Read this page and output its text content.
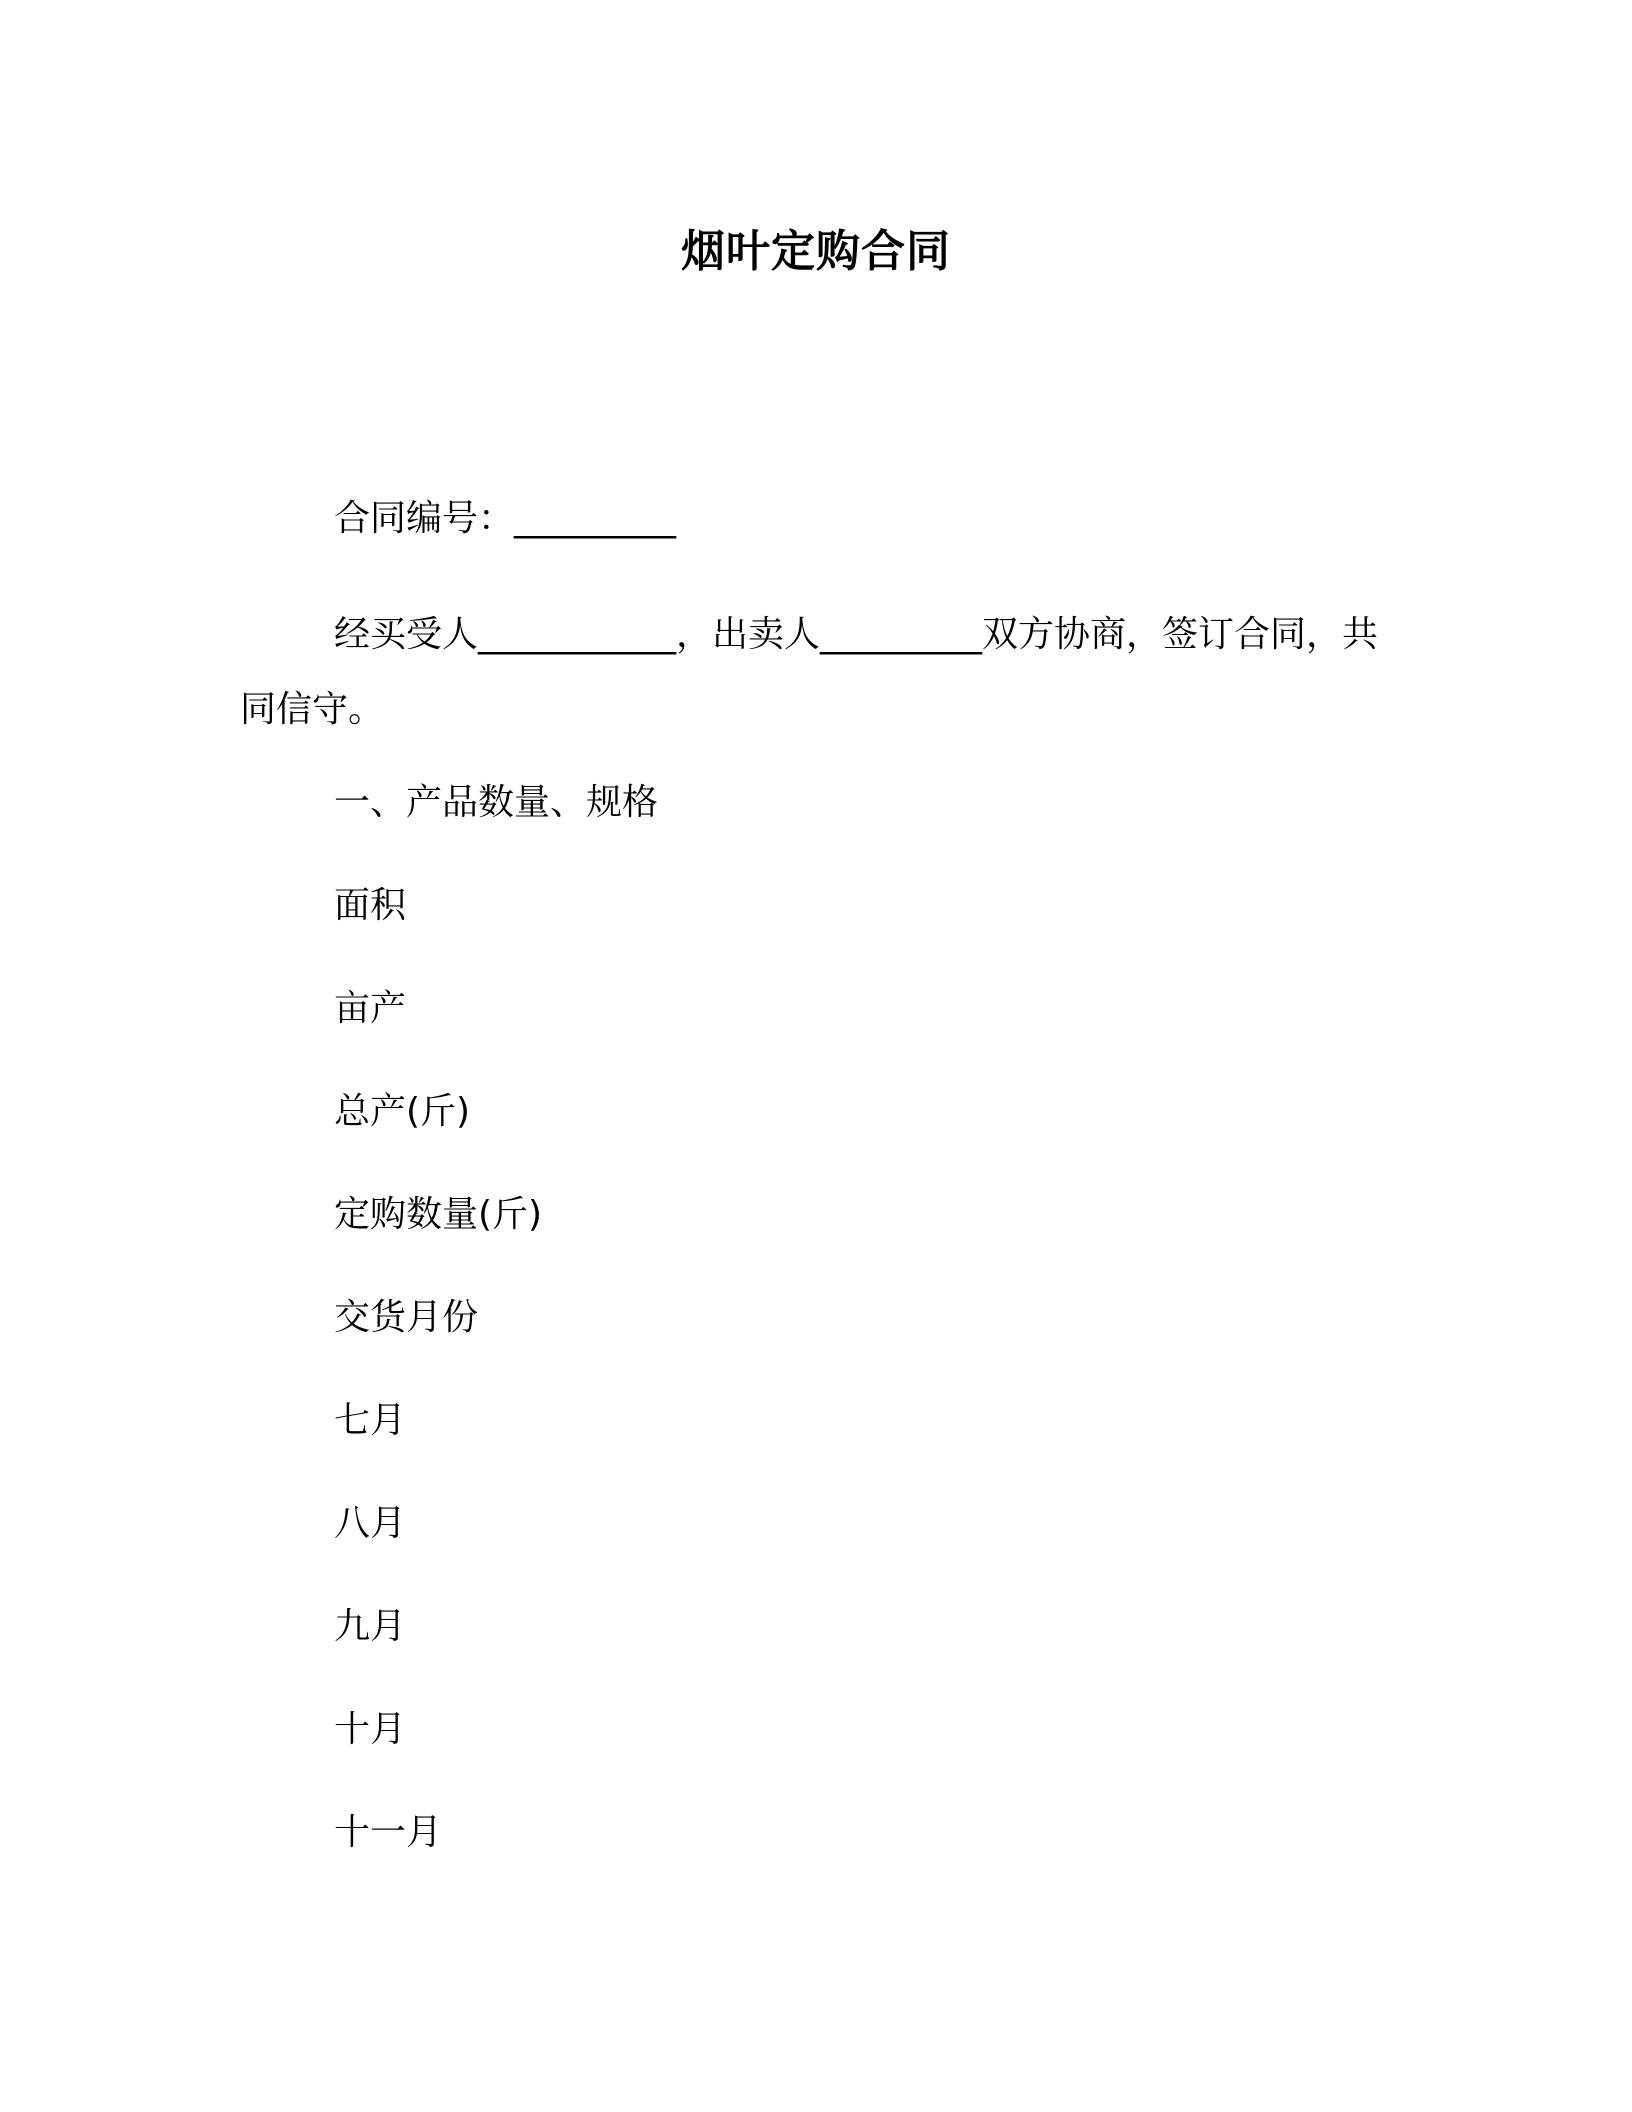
烟叶定购合同
合同编号：_________
经买受人___________，出卖人_________双方协商，签订合同，共同信守。
一、产品数量、规格
面积
亩产
总产(斤)
定购数量(斤)
交货月份
七月
八月
九月
十月
十一月
